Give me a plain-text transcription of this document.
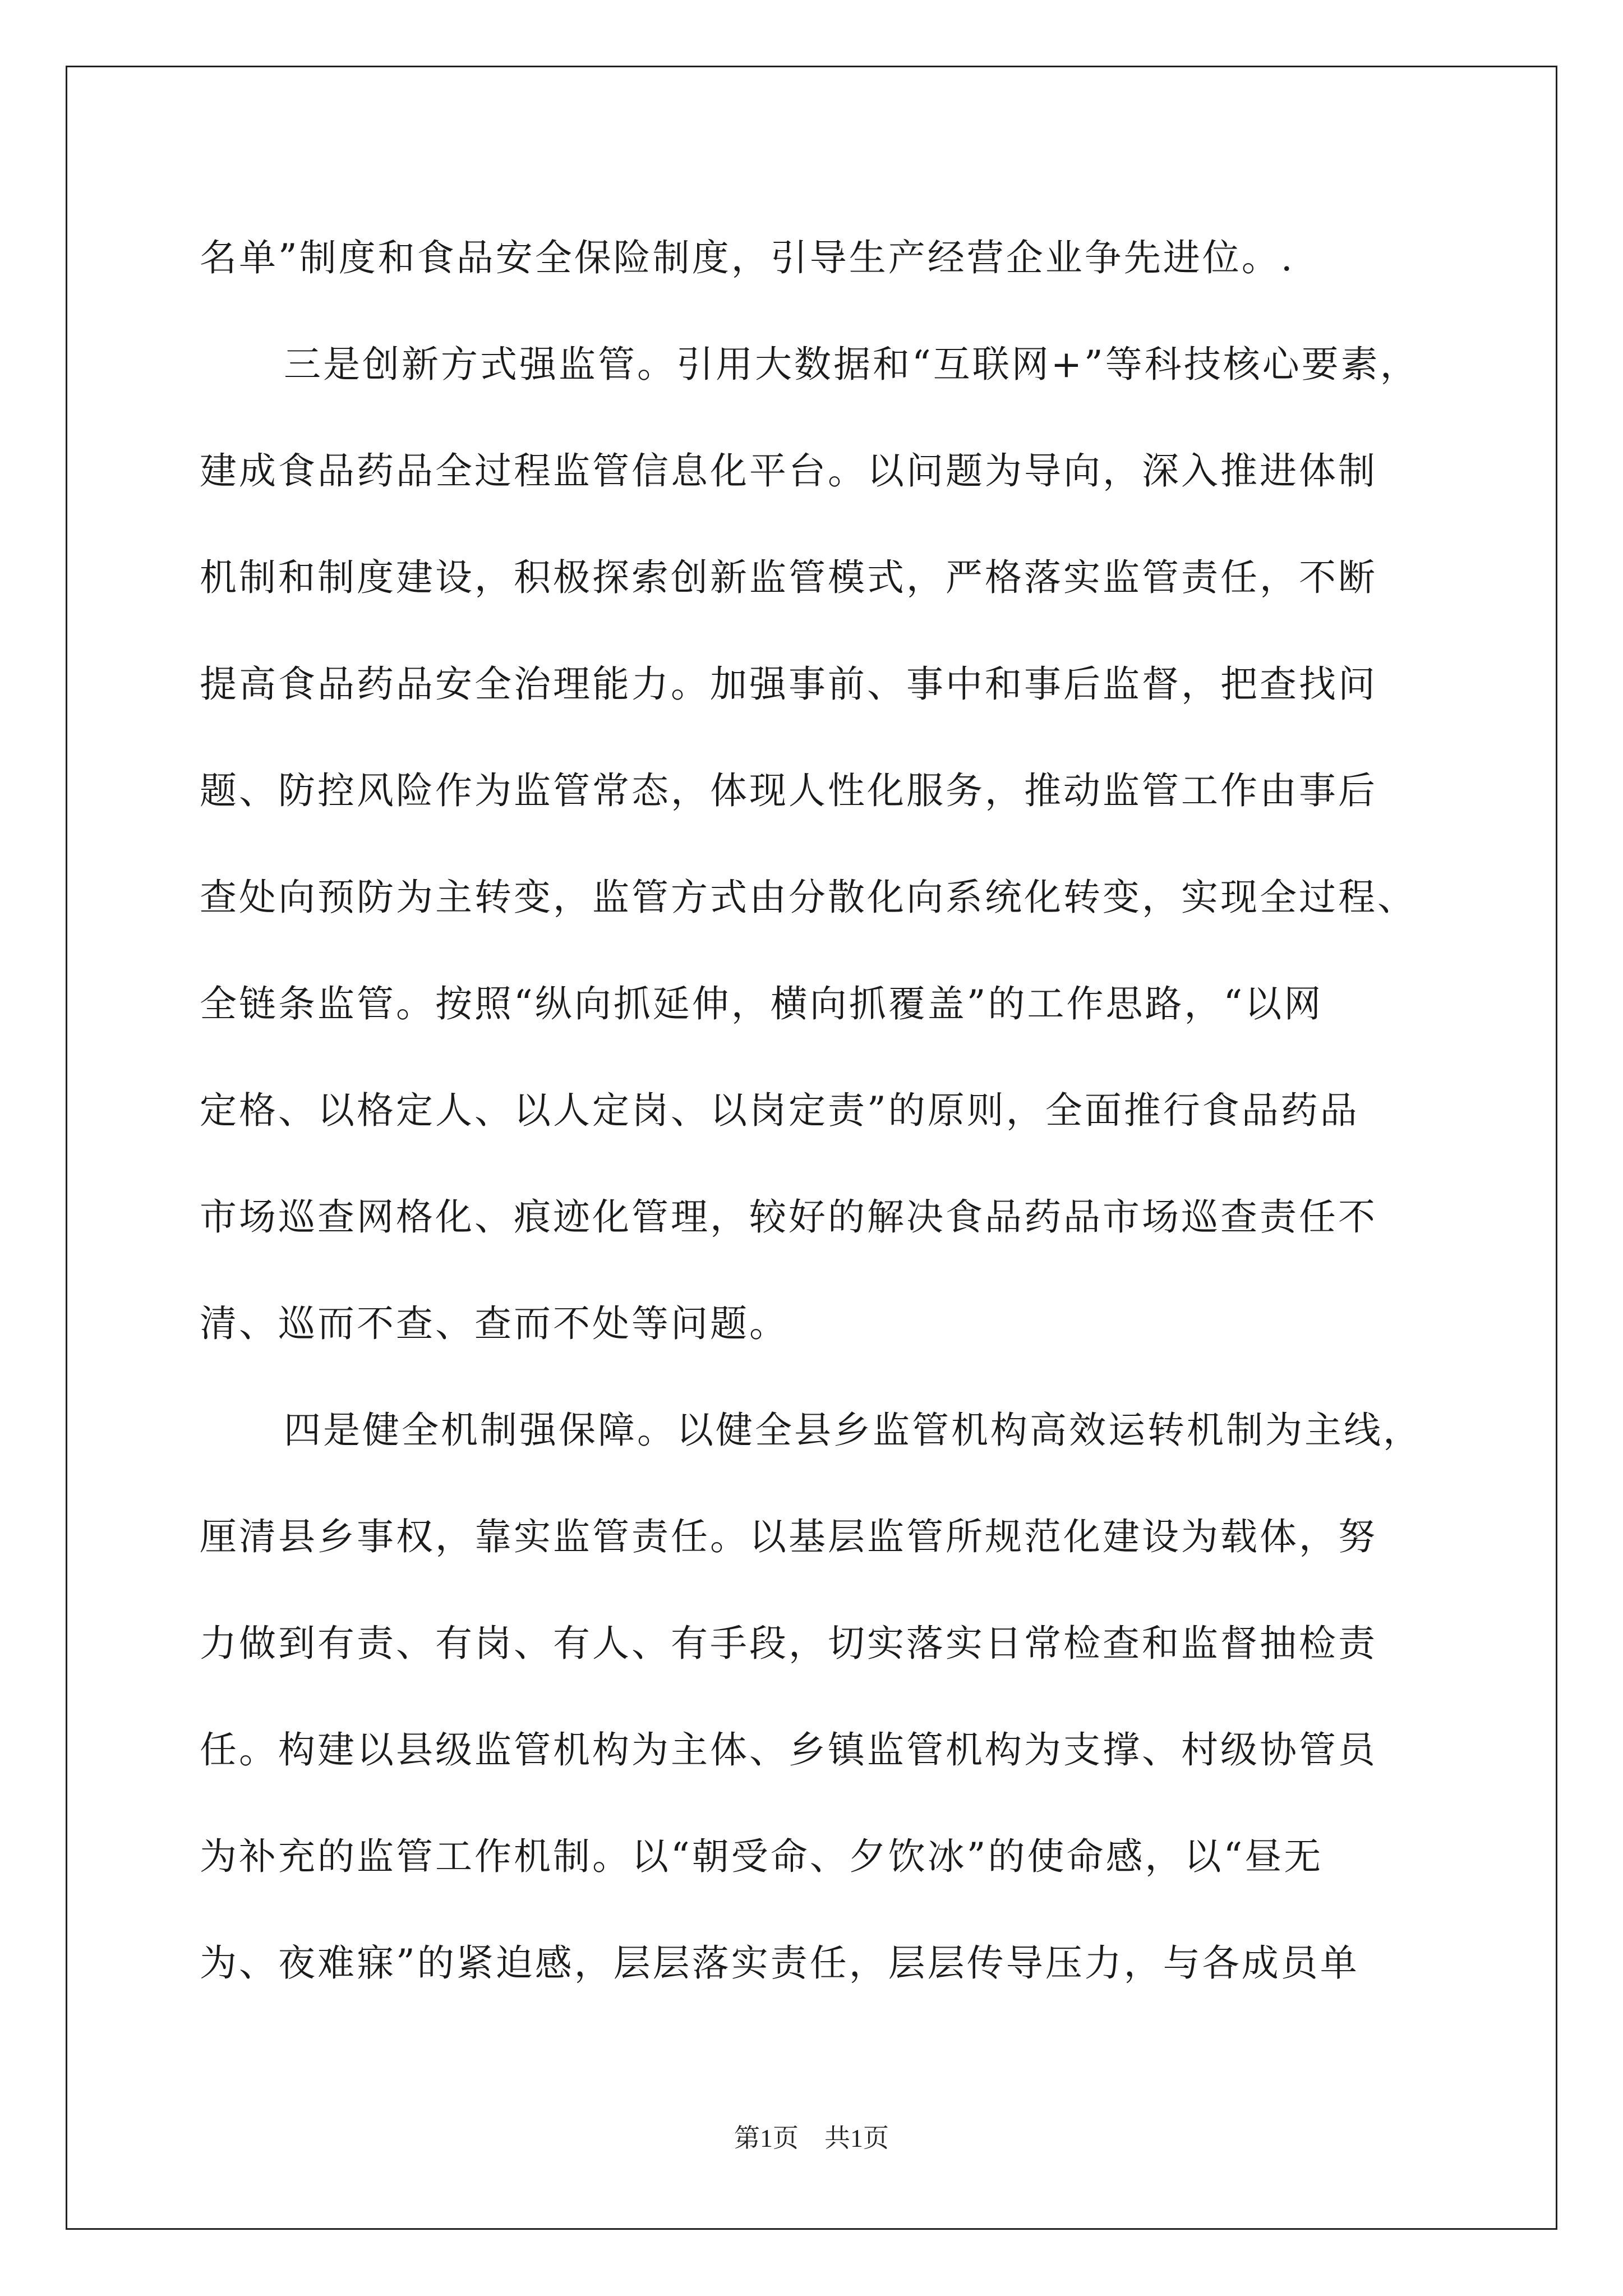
名单”制度和食品安全保险制度，引导生产经营企业争先进位。.
三是创新方式强监管。引用大数据和“互联网+”等科技核心要素，
建成食品药品全过程监管信息化平台。以问题为导向，深入推进体制
机制和制度建设，积极探索创新监管模式，严格落实监管责任，不断
提高食品药品安全治理能力。加强事前、事中和事后监督，把查找问
题、防控风险作为监管常态，体现人性化服务，推动监管工作由事后
查处向预防为主转变，监管方式由分散化向系统化转变，实现全过程、
全链条监管。按照“纵向抓延伸，横向抓覆盖”的工作思路，“以网
定格、以格定人、以人定岗、以岗定责”的原则，全面推行食品药品
市场巡查网格化、痕迹化管理，较好的解决食品药品市场巡查责任不
清、巡而不查、查而不处等问题。
四是健全机制强保障。以健全县乡监管机构高效运转机制为主线，
厘清县乡事权，靠实监管责任。以基层监管所规范化建设为载体，努
力做到有责、有岗、有人、有手段，切实落实日常检查和监督抽检责
任。构建以县级监管机构为主体、乡镇监管机构为支撑、村级协管员
为补充的监管工作机制。以“朝受命、夕饮冰”的使命感，以“昼无
为、夜难寐”的紧迫感，层层落实责任，层层传导压力，与各成员单
第1页　共1页
